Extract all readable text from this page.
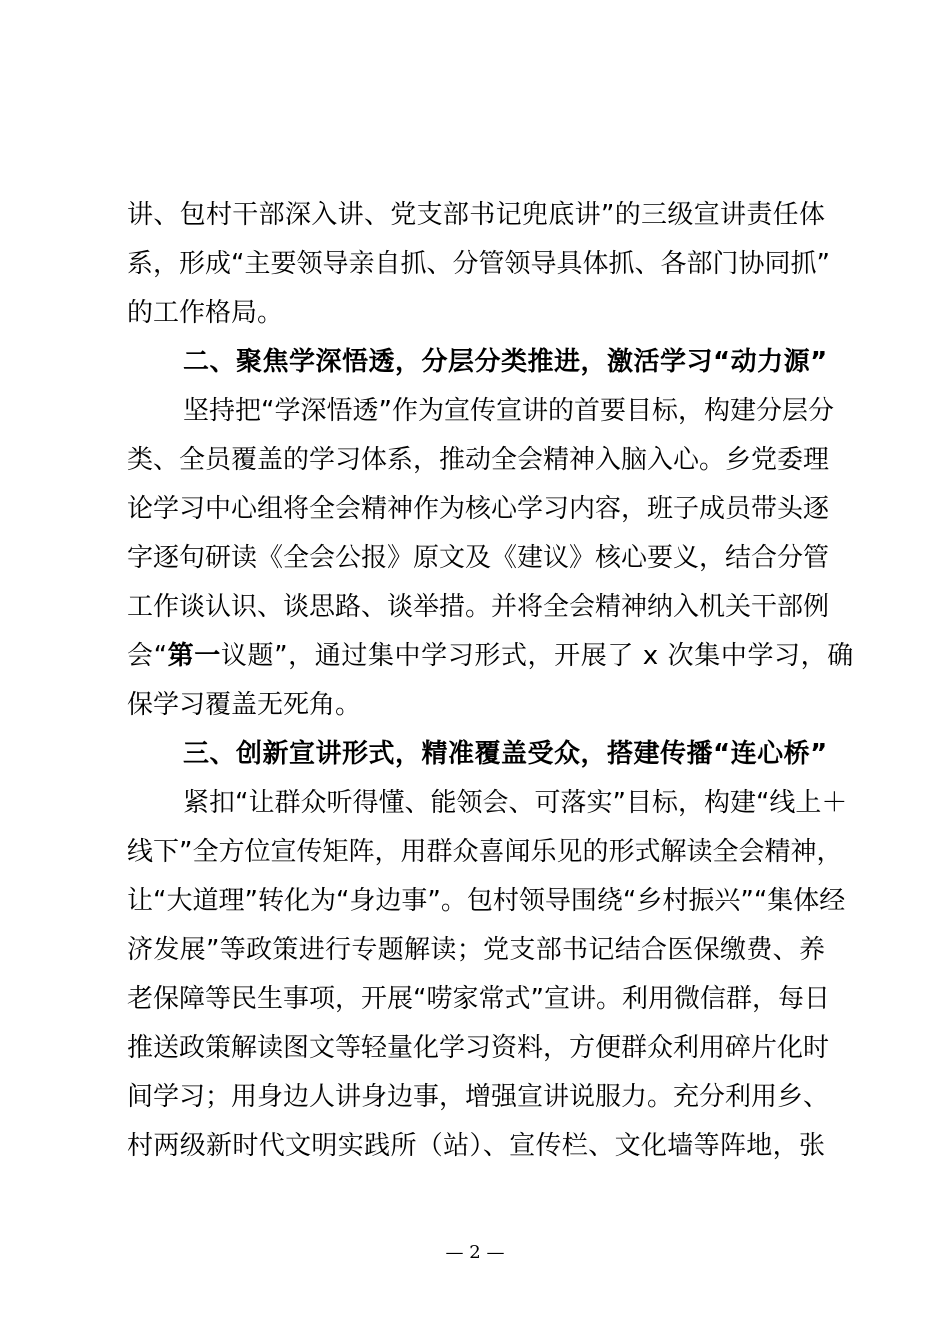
讲、包村干部深入讲、党支部书记兜底讲”的三级宣讲责任体
系，形成“主要领导亲自抓、分管领导具体抓、各部门协同抓”
的工作格局。
二、聚焦学深悟透，分层分类推进，激活学习“动力源”
坚持把“学深悟透”作为宣传宣讲的首要目标，构建分层分
类、全员覆盖的学习体系，推动全会精神入脑入心。乡党委理
论学习中心组将全会精神作为核心学习内容，班子成员带头逐
字逐句研读《全会公报》原文及《建议》核心要义，结合分管
工作谈认识、谈思路、谈举措。并将全会精神纳入机关干部例
会“第一议题”，通过集中学习形式，开展了 x 次集中学习，确
保学习覆盖无死角。
三、创新宣讲形式，精准覆盖受众，搭建传播“连心桥”
紧扣“让群众听得懂、能领会、可落实”目标，构建“线上＋
线下”全方位宣传矩阵，用群众喜闻乐见的形式解读全会精神，
让“大道理”转化为“身边事”。包村领导围绕“乡村振兴”“集体经
济发展”等政策进行专题解读；党支部书记结合医保缴费、养
老保障等民生事项，开展“唠家常式”宣讲。利用微信群，每日
推送政策解读图文等轻量化学习资料，方便群众利用碎片化时
间学习；用身边人讲身边事，增强宣讲说服力。充分利用乡、
村两级新时代文明实践所（站）、宣传栏、文化墙等阵地，张
— 2 —
